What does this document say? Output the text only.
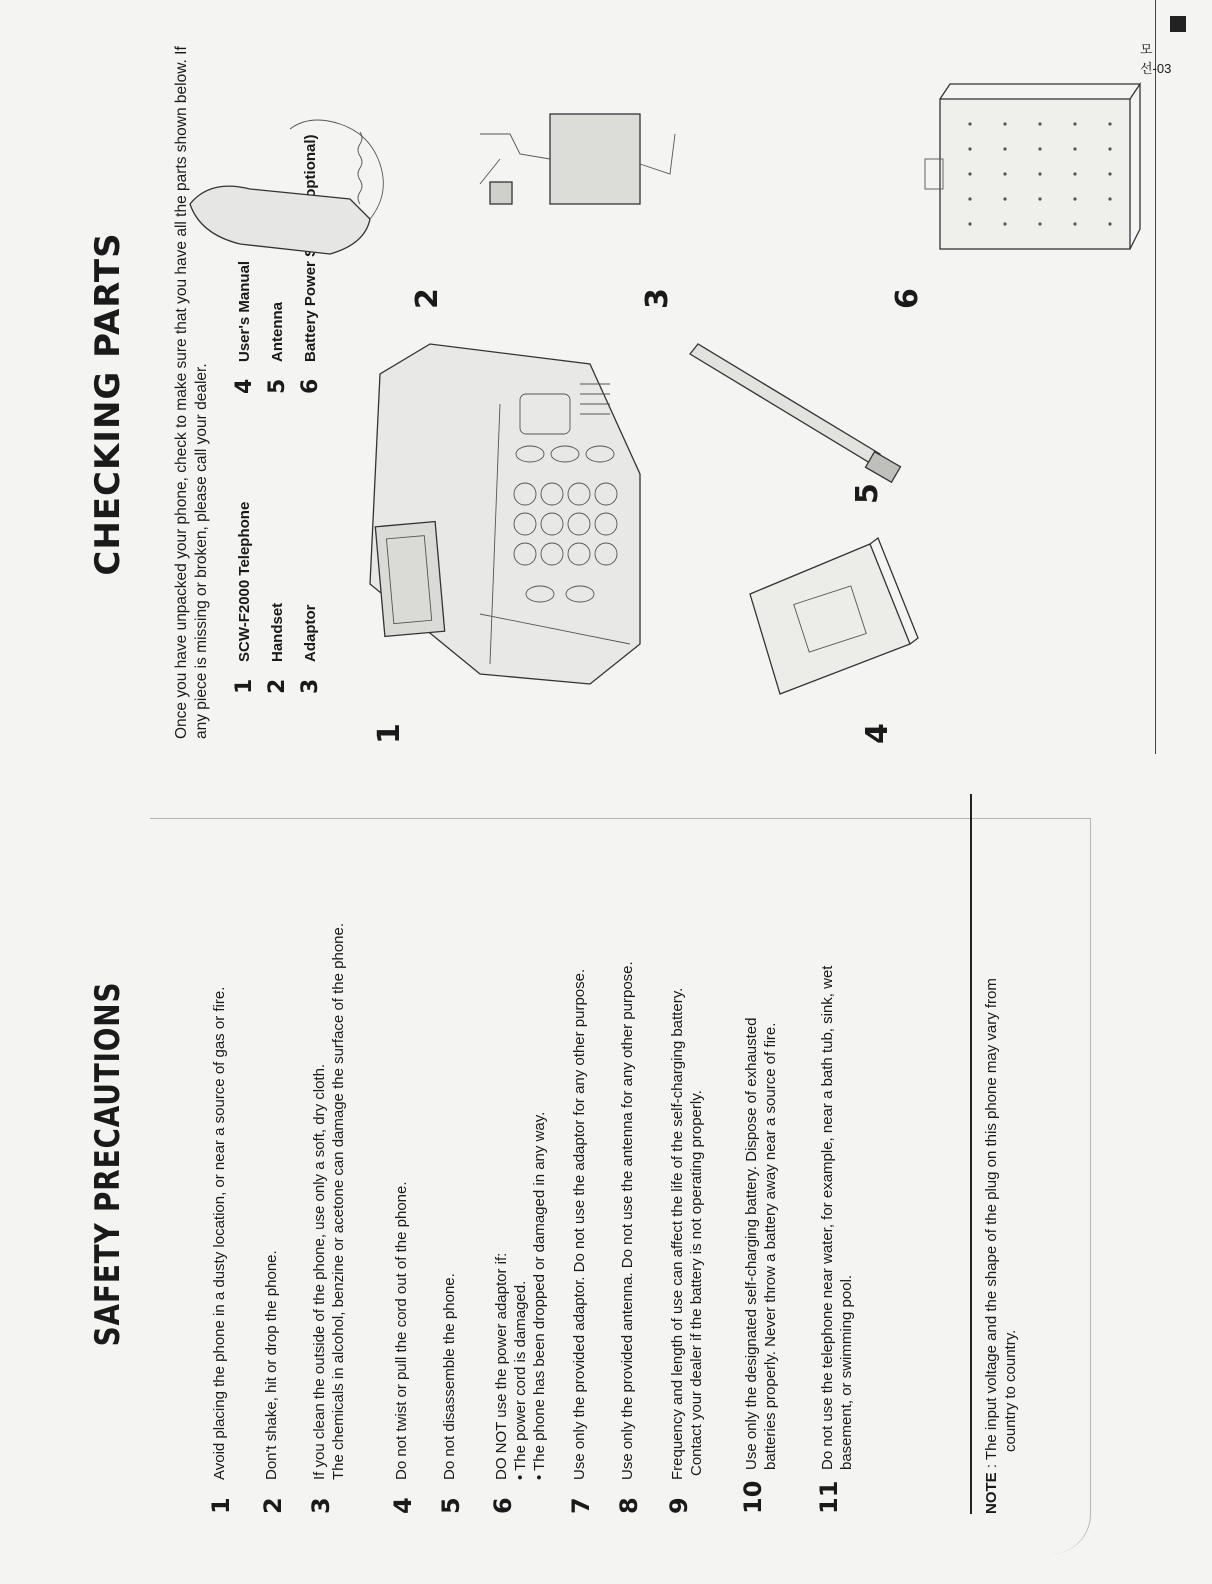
SAFETY PRECAUTIONS
1
Avoid placing the phone in a dusty location, or near a source of gas or fire.
2
Don't shake, hit or drop the phone.
3
If you clean the outside of the phone, use only a soft, dry cloth. The chemicals in alcohol, benzine or acetone can damage the surface of the phone.
4
Do not twist or pull the cord out of the phone.
5
Do not disassemble the phone.
6
DO NOT use the power adaptor if: • The power cord is damaged. • The phone has been dropped or damaged in any way.
7
Use only the provided adaptor. Do not use the adaptor for any other purpose.
8
Use only the provided antenna. Do not use the antenna for any other purpose.
9
Frequency and length of use can affect the life of the self-charging battery. Contact your dealer if the battery is not operating properly.
10
Use only the designated self-charging battery. Dispose of exhausted batteries properly. Never throw a battery away near a source of fire.
11
Do not use the telephone near water, for example, near a bath tub, sink, wet basement, or swimming pool.
NOTE : The input voltage and the shape of the plug on this phone may vary from country to country.
CHECKING PARTS	Once you have unpacked your phone, check to make sure that you have all the parts shown below. If any piece is missing or broken, please call your dealer. 1
SCW-F2000 Telephone
4
User's Manual
2
Handset
5
Antenna
3
Adaptor
6
1
2	3
4
5
6
모선-03
